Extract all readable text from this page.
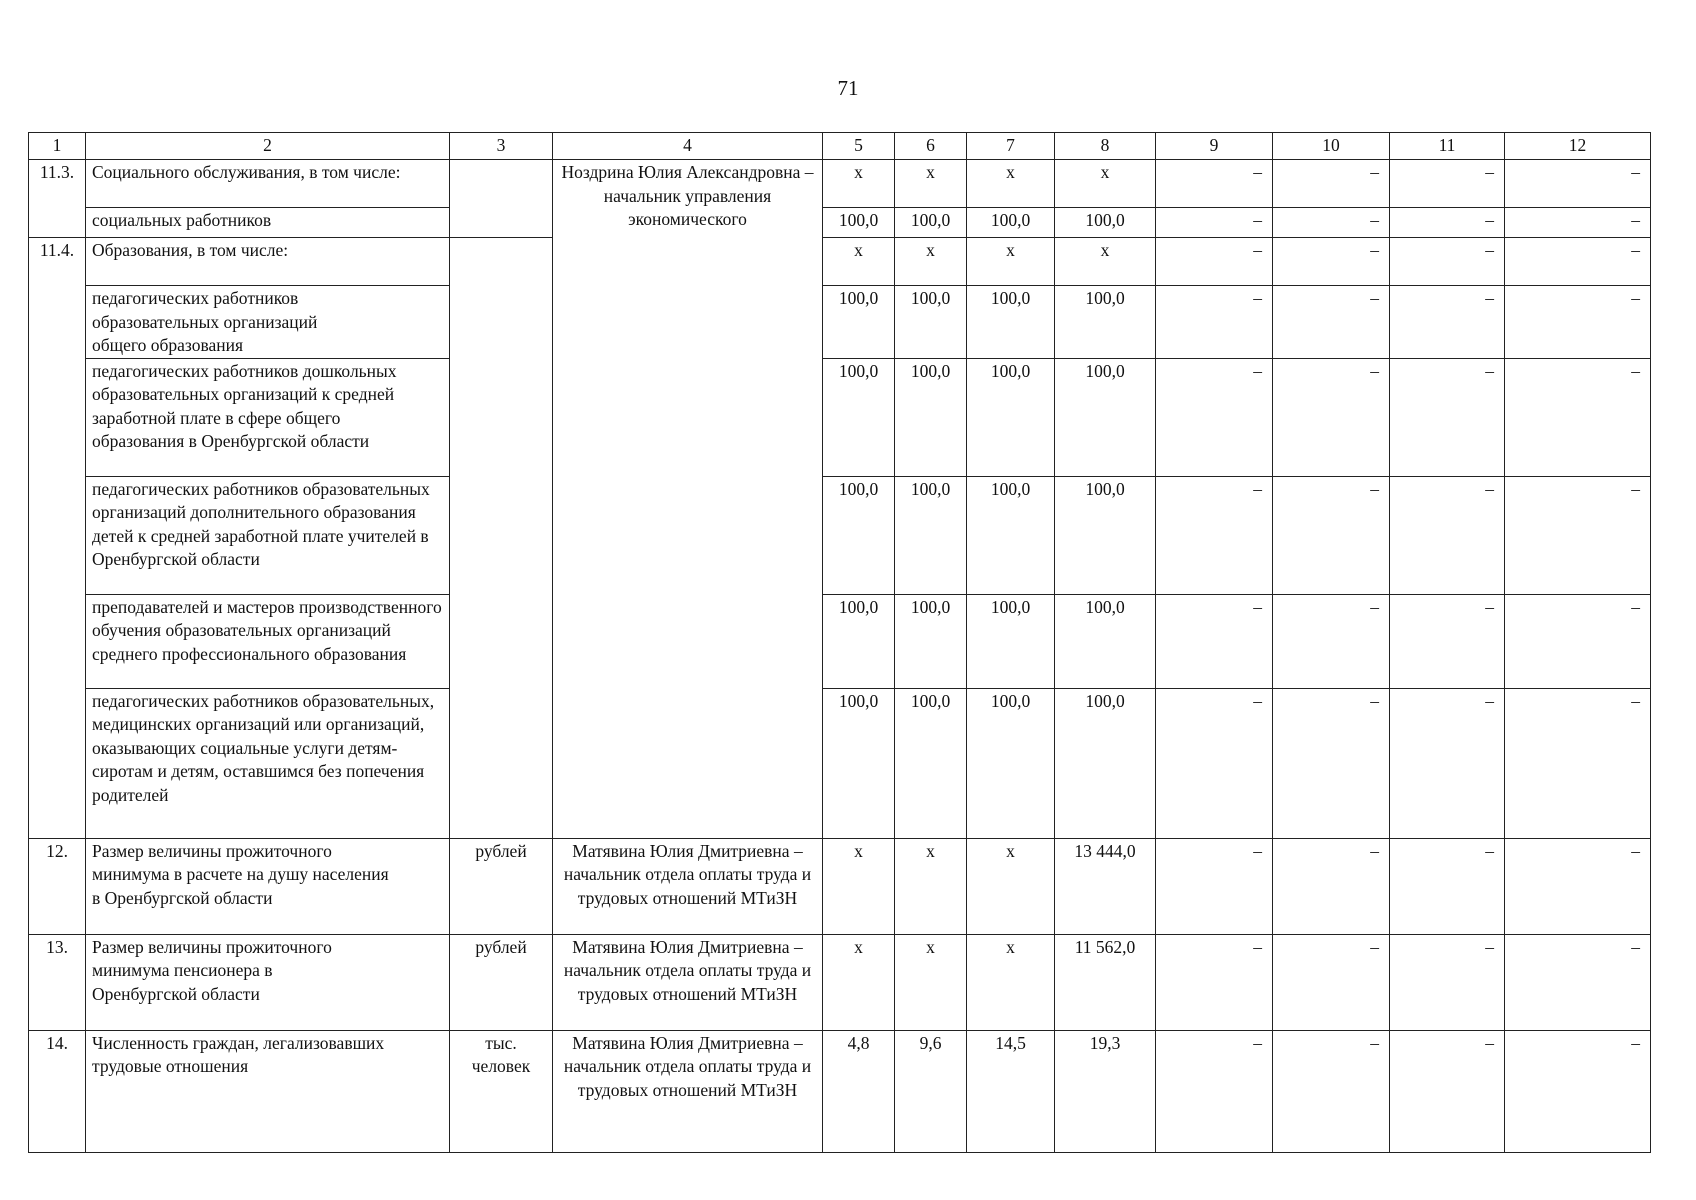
71
1	2	3	4	5	6	7	8	9	10	11	12
11.3.	Социального обслуживания, в том числе:		Ноздрина Юлия Александровна – начальник управления экономического	х	х	х	х	–	–	–	–
	социальных работников			100,0	100,0	100,0	100,0	–	–	–	–
11.4.	Образования, в том числе:			х	х	х	х	–	–	–	–

	педагогических работников образовательных организаций общего образования			100,0	100,0	100,0	100,0	–	–	–	–

	педагогических работников дошкольных образовательных организаций к средней заработной плате в сфере общего образования в Оренбургской области			100,0	100,0	100,0	100,0	–	–	–	–

	педагогических работников образовательных организаций дополнительного образования детей к средней заработной плате учителей в Оренбургской области			100,0	100,0	100,0	100,0	–	–	–	–

	преподавателей и мастеров производственного обучения образовательных организаций среднего профессионального образования			100,0	100,0	100,0	100,0	–	–	–	–

	педагогических работников образовательных, медицинских организаций или организаций, оказывающих социальные услуги детям-сиротам и детям, оставшимся без попечения родителей			100,0	100,0	100,0	100,0	–	–	–	–
12.	Размер величины прожиточного минимума в расчете на душу населения в Оренбургской области	рублей	Матявина Юлия Дмитриевна – начальник отдела оплаты труда и трудовых отношений МТиЗН	х	х	х	13 444,0	–	–	–	–
13.	Размер величины прожиточного минимума пенсионера в Оренбургской области	рублей	Матявина Юлия Дмитриевна – начальник отдела оплаты труда и трудовых отношений МТиЗН	х	х	х	11 562,0	–	–	–	–
14.	Численность граждан, легализовавших трудовые отношения	тыс. человек	Матявина Юлия Дмитриевна – начальник отдела оплаты труда и трудовых отношений МТиЗН	4,8	9,6	14,5	19,3	–	–	–	–
